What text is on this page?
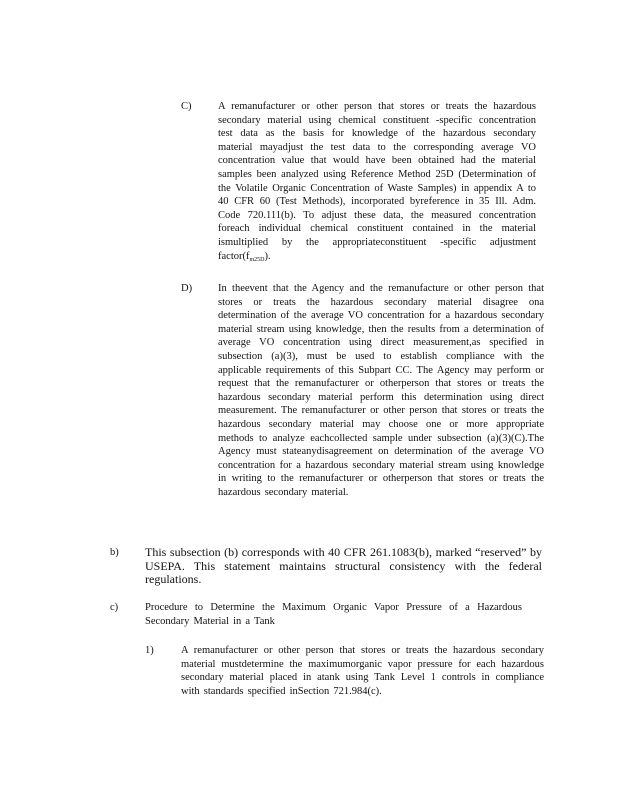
C)	A remanufacturer or other person that stores or treats the hazardous secondary material using chemical constituent -specific concentration test data as the basis for knowledge of the hazardous secondary material mayadjust the test data to the corresponding average VO concentration value that would have been obtained had the material samples been analyzed using Reference Method 25D (Determination of the Volatile Organic Concentration of Waste Samples) in appendix A to 40 CFR 60 (Test Methods), incorporated byreference in 35 Ill. Adm. Code 720.111(b). To adjust these data, the measured concentration foreach individual chemical constituent contained in the material ismultiplied by the appropriateconstituent -specific adjustment $factor(f_{m25D})$.
D) In theevent that the Agency and the remanufacture or other person that stores or treats the hazardous secondary material disagree ona determination of the average VO concentration for a hazardous secondary material stream using knowledge, then the results from a determination of average VO concentration using direct measurement,as specified in subsection (a)(3), must be used to establish compliance with the applicable requirements of this Subpart CC. The Agency may perform or request that the remanufacturer or otherperson that stores or treats the hazardous secondary material perform this determination using direct measurement. The remanufacturer or other person that stores or treats the hazardous secondary material may choose one or more appropriate methods to analyze eachcollected sample under subsection (a)(3)(C).The Agency must stateanydisagreement on determination of the average VO concentration for a hazardous secondary material stream using knowledge in writing to the remanufacturer or otherperson that stores or treats the hazardous secondary material.
b) This subsection (b) corresponds with 40 CFR 261.1083(b), marked “reserved” by USEPA. This statement maintains structural consistency with the federal regulations.
c)	Procedure to Determine the Maximum Organic Vapor Pressure of a Hazardous Secondary Material in a Tank
1)	A remanufacturer or other person that stores or treats the hazardous secondary material mustdetermine the maximumorganic vapor pressure for each hazardous secondary material placed in atank using Tank Level 1 controls in compliance with standards specified inSection 721.984(c).
